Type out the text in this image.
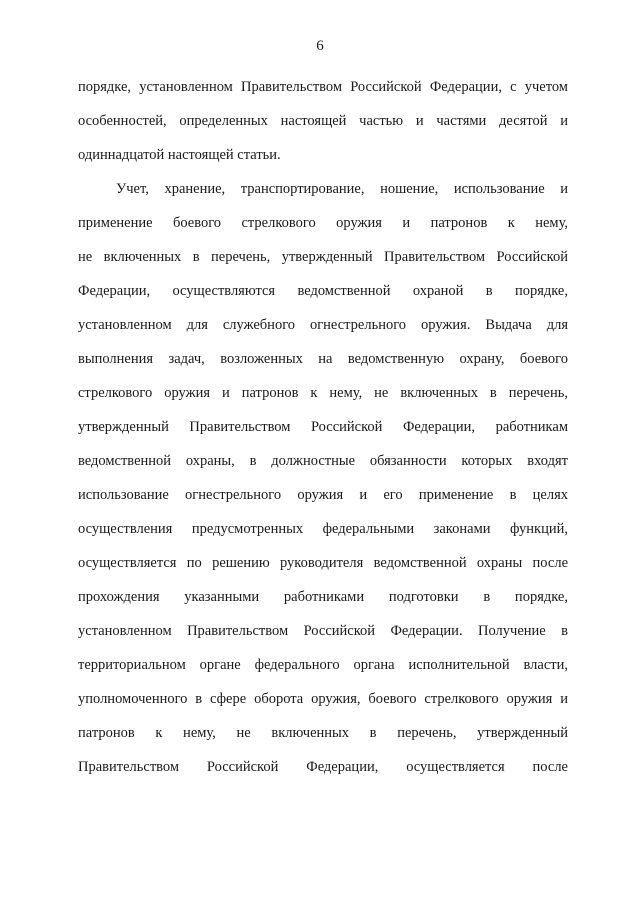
6
порядке, установленном Правительством Российской Федерации, с учетом
особенностей, определенных настоящей частью и частями десятой и
одиннадцатой настоящей статьи.
Учет, хранение, транспортирование, ношение, использование и
применение боевого стрелкового оружия и патронов к нему,
не включенных в перечень, утвержденный Правительством Российской
Федерации, осуществляются ведомственной охраной в порядке,
установленном для служебного огнестрельного оружия. Выдача для
выполнения задач, возложенных на ведомственную охрану, боевого
стрелкового оружия и патронов к нему, не включенных в перечень,
утвержденный Правительством Российской Федерации, работникам
ведомственной охраны, в должностные обязанности которых входят
использование огнестрельного оружия и его применение в целях
осуществления предусмотренных федеральными законами функций,
осуществляется по решению руководителя ведомственной охраны после
прохождения указанными работниками подготовки в порядке,
установленном Правительством Российской Федерации. Получение в
территориальном органе федерального органа исполнительной власти,
уполномоченного в сфере оборота оружия, боевого стрелкового оружия и
патронов к нему, не включенных в перечень, утвержденный
Правительством Российской Федерации, осуществляется после
